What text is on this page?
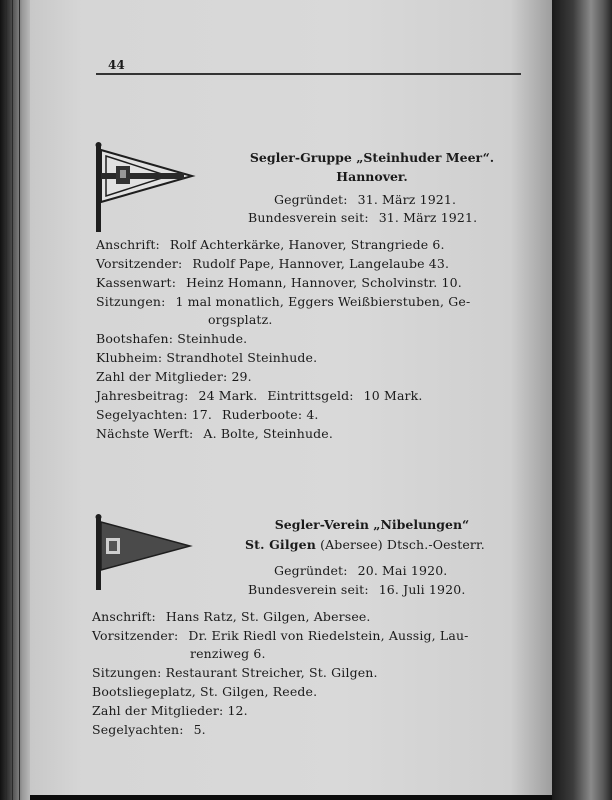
44
Segler-Gruppe „Steinhuder Meer“.
Hannover.
Gegründet: 31. März 1921.
Bundesverein seit: 31. März 1921.
Anschrift: Rolf Achterkärke, Hanover, Strangriede 6.
Vorsitzender: Rudolf Pape, Hannover, Langelaube 43.
Kassenwart: Heinz Homann, Hannover, Scholvinstr. 10.
Sitzungen: 1 mal monatlich, Eggers Weißbierstuben, Ge-
orgsplatz.
Bootshafen: Steinhude.
Klubheim: Strandhotel Steinhude.
Zahl der Mitglieder: 29.
Jahresbeitrag: 24 Mark. Eintrittsgeld: 10 Mark.
Segelyachten: 17. Ruderboote: 4.
Nächste Werft: A. Bolte, Steinhude.
Segler-Verein „Nibelungen“
St. Gilgen (Abersee) Dtsch.-Oesterr.
Gegründet: 20. Mai 1920.
Bundesverein seit: 16. Juli 1920.
Anschrift: Hans Ratz, St. Gilgen, Abersee.
Vorsitzender: Dr. Erik Riedl von Riedelstein, Aussig, Lau-
renziweg 6.
Sitzungen: Restaurant Streicher, St. Gilgen.
Bootsliegeplatz, St. Gilgen, Reede.
Zahl der Mitglieder: 12.
Segelyachten: 5.
